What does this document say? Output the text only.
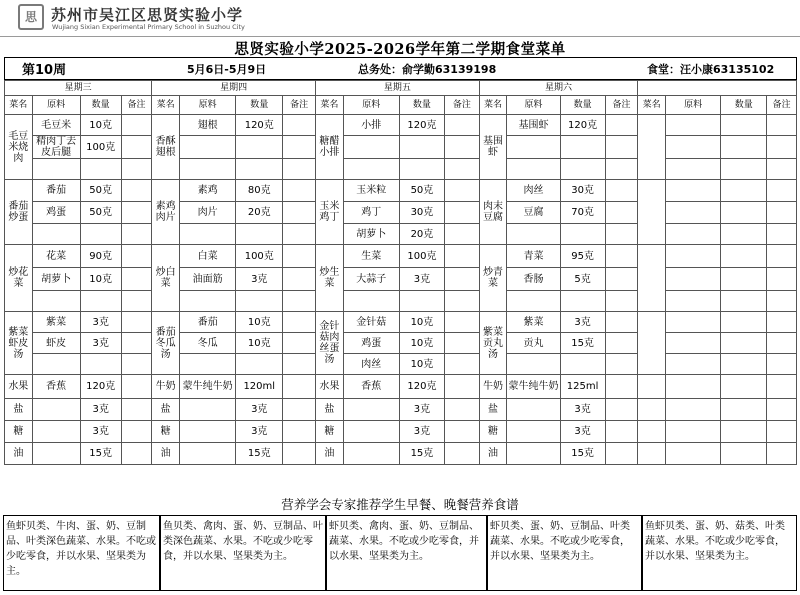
思 苏州市吴江区思贤实验小学
Wujiang Sixian Experimental Primary School in Suzhou City
思贤实验小学2025-2026学年第二学期食堂菜单
第10周	5月6日-5月9日	总务处：俞学勤63139198	食堂：汪小康63135102
星期三				星期四				星期五				星期六							
菜名	原料	数量	备注	菜名	原料	数量	备注	菜名	原料	数量	备注	菜名	原料	数量	备注	菜名	原料	数量	备注
毛豆米烧肉	毛豆米	10克		香酥翅根	翅根	120克		糖醋小排	小排	120克		基围虾	基围虾	120克					
	精肉丁去皮后腿	100克																	

番茄炒蛋	番茄	50克		素鸡肉片	素鸡	80克		玉米鸡丁	玉米粒	50克		肉末豆腐	肉丝	30克					
	鸡蛋	50克			肉片	20克			鸡丁	30克			豆腐	70克					
									胡萝卜	20克									
炒花菜	花菜	90克		炒白菜	白菜	100克		炒生菜	生菜	100克		炒青菜	青菜	95克					
	胡萝卜	10克			油面筋	3克			大蒜子	3克			香肠	5克					

紫菜虾皮汤	紫菜	3克		番茄冬瓜汤	番茄	10克		金针菇肉丝蛋汤	金针菇	10克		紫菜贡丸汤	紫菜	3克					
	虾皮	3克			冬瓜	10克			鸡蛋	10克			贡丸	15克					
									肉丝	10克									
水果	香蕉	120克		牛奶	蒙牛纯牛奶	120ml		水果	香蕉	120克		牛奶	蒙牛纯牛奶	125ml					
盐		3克		盐		3克		盐		3克		盐		3克					
糖		3克		糖		3克		糖		3克		糖		3克					
油		15克		油		15克		油		15克		油		15克					
营养学会专家推荐学生早餐、晚餐营养食谱
鱼虾贝类、牛肉、蛋、奶、豆制品、叶类深色蔬菜、水果。不吃或少吃零食，并以水果、坚果类为主。
鱼贝类、禽肉、蛋、奶、豆制品、叶类深色蔬菜、水果。不吃或少吃零食，并以水果、坚果类为主。
虾贝类、禽肉、蛋、奶、豆制品、蔬菜、水果。不吃或少吃零食，并以水果、坚果类为主。
虾贝类、蛋、奶、豆制品、叶类蔬菜、水果。不吃或少吃零食，并以水果、坚果类为主。
鱼虾贝类、蛋、奶、菇类、叶类蔬菜、水果。不吃或少吃零食，并以水果、坚果类为主。
